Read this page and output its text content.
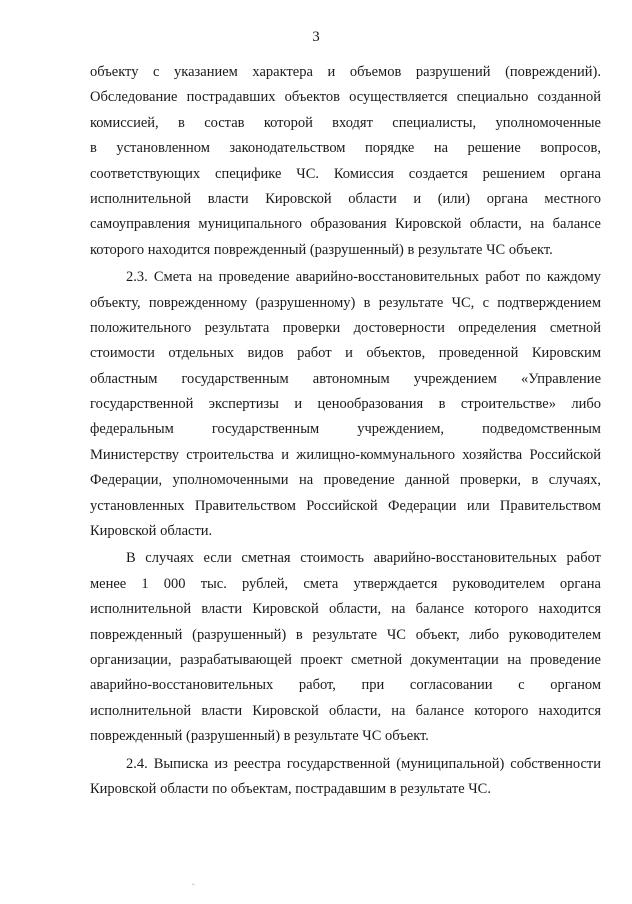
3
объекту с указанием характера и объемов разрушений (повреждений).
Обследование пострадавших объектов осуществляется специально созданной
комиссией, в состав которой входят специалисты, уполномоченные
в установленном законодательством порядке на решение вопросов,
соответствующих специфике ЧС. Комиссия создается решением органа
исполнительной власти Кировской области и (или) органа местного
самоуправления муниципального образования Кировской области, на балансе
которого находится поврежденный (разрушенный) в результате ЧС объект.
2.3. Смета на проведение аварийно-восстановительных работ по каждому
объекту, поврежденному (разрушенному) в результате ЧС, с подтверждением
положительного результата проверки достоверности определения сметной
стоимости отдельных видов работ и объектов, проведенной Кировским
областным государственным автономным учреждением «Управление
государственной экспертизы и ценообразования в строительстве» либо
федеральным государственным учреждением, подведомственным
Министерству строительства и жилищно-коммунального хозяйства Российской
Федерации, уполномоченными на проведение данной проверки, в случаях,
установленных Правительством Российской Федерации или Правительством
Кировской области.
В случаях если сметная стоимость аварийно-восстановительных работ
менее 1 000 тыс. рублей, смета утверждается руководителем органа
исполнительной власти Кировской области, на балансе которого находится
поврежденный (разрушенный) в результате ЧС объект, либо руководителем
организации, разрабатывающей проект сметной документации на проведение
аварийно-восстановительных работ, при согласовании с органом
исполнительной власти Кировской области, на балансе которого находится
поврежденный (разрушенный) в результате ЧС объект.
2.4. Выписка из реестра государственной (муниципальной) собственности
Кировской области по объектам, пострадавшим в результате ЧС.
ꞈ
